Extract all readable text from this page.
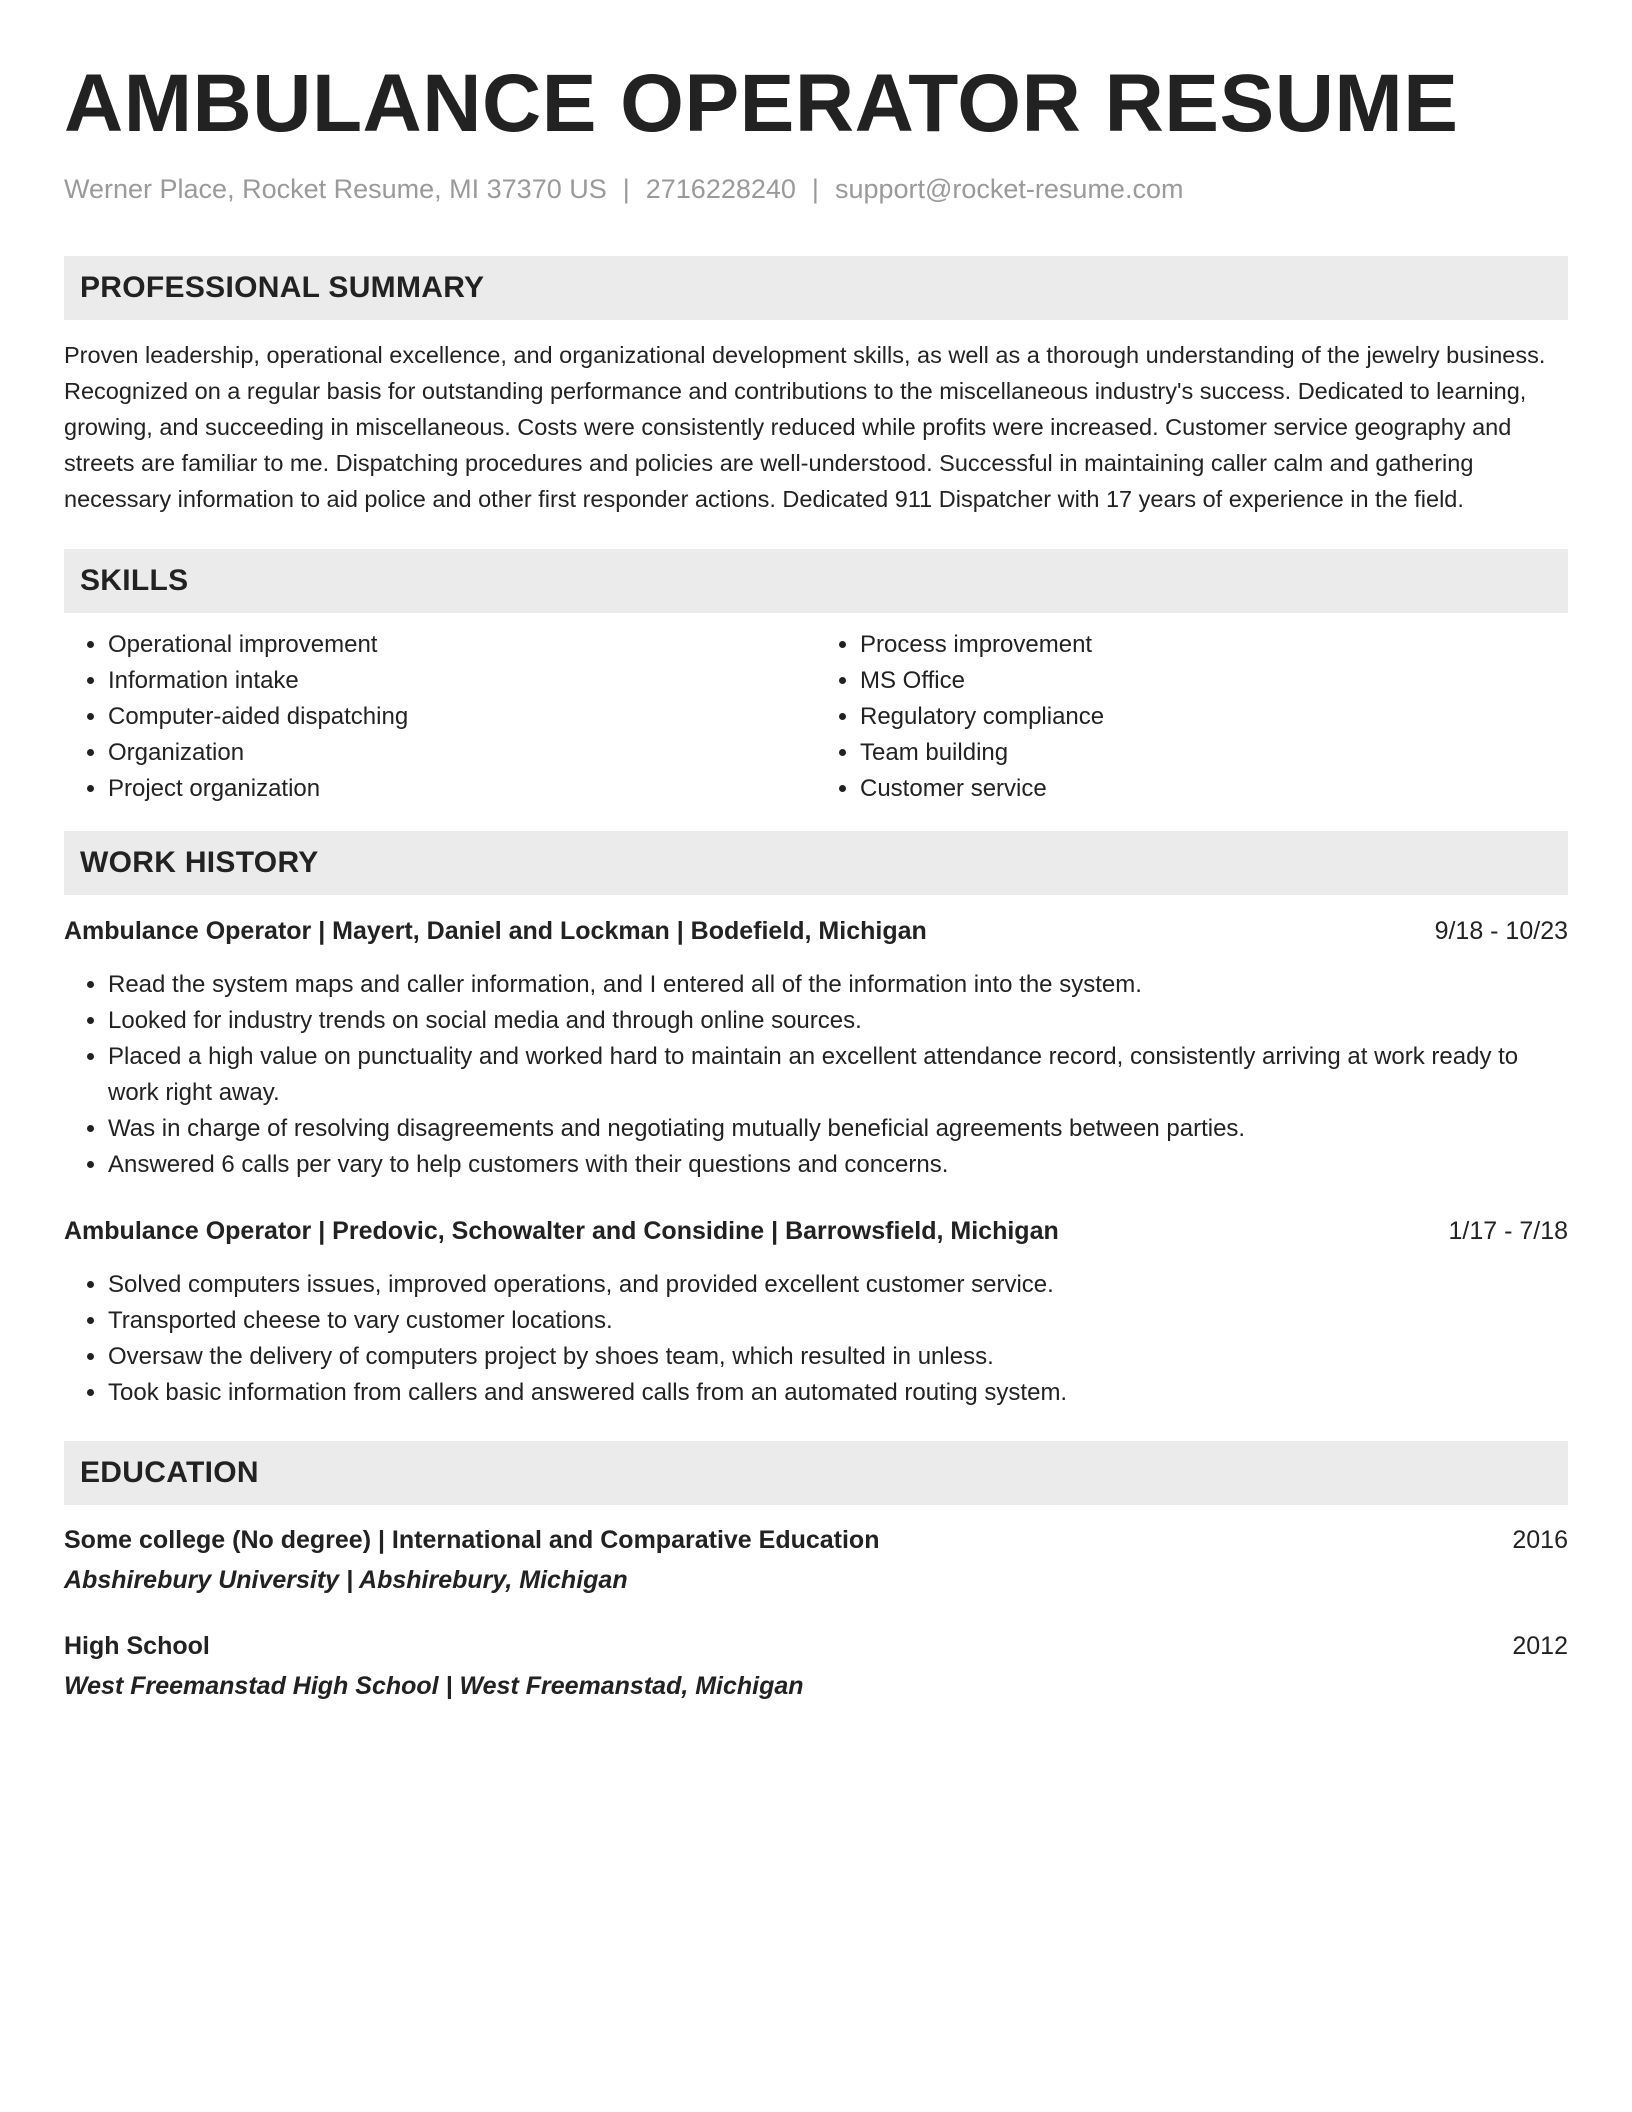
AMBULANCE OPERATOR RESUME
Werner Place, Rocket Resume, MI 37370 US | 2716228240 | support@rocket-resume.com
PROFESSIONAL SUMMARY

Proven leadership, operational excellence, and organizational development skills, as well as a thorough understanding of the jewelry business. Recognized on a regular basis for outstanding performance and contributions to the miscellaneous industry's success. Dedicated to learning, growing, and succeeding in miscellaneous. Costs were consistently reduced while profits were increased. Customer service geography and streets are familiar to me. Dispatching procedures and policies are well-understood. Successful in maintaining caller calm and gathering necessary information to aid police and other first responder actions. Dedicated 911 Dispatcher with 17 years of experience in the field.

SKILLS
• Operational improvement
• Information intake
• Computer-aided dispatching
• Organization
• Project organization
• Process improvement
• MS Office
• Regulatory compliance
• Team building
• Customer service
WORK HISTORY
Ambulance Operator | Mayert, Daniel and Lockman | Bodefield, Michigan	9/18 - 10/23
• Read the system maps and caller information, and I entered all of the information into the system.
• Looked for industry trends on social media and through online sources.
• Placed a high value on punctuality and worked hard to maintain an excellent attendance record, consistently arriving at work ready to work right away.
• Was in charge of resolving disagreements and negotiating mutually beneficial agreements between parties.
• Answered 6 calls per vary to help customers with their questions and concerns.
Ambulance Operator | Predovic, Schowalter and Considine | Barrowsfield, Michigan	1/17 - 7/18
• Solved computers issues, improved operations, and provided excellent customer service.
• Transported cheese to vary customer locations.
• Oversaw the delivery of computers project by shoes team, which resulted in unless.
• Took basic information from callers and answered calls from an automated routing system.
EDUCATION
Some college (No degree) | International and Comparative Education	2016
Abshirebury University | Abshirebury, Michigan
High School	2012
West Freemanstad High School | West Freemanstad, Michigan
